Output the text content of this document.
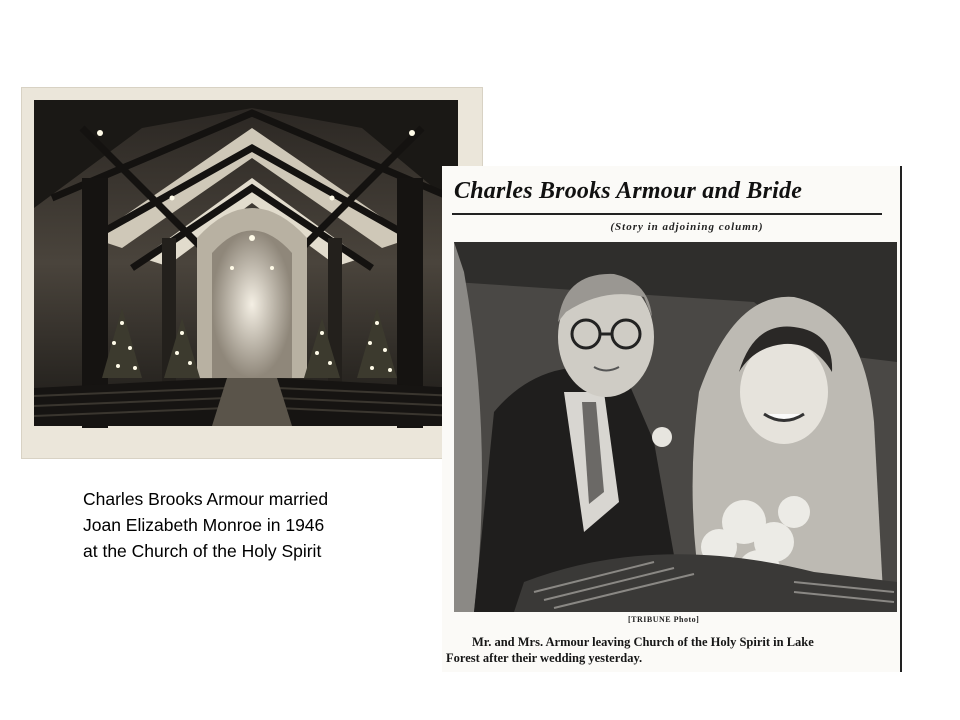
Charles Brooks Armour and Bride
(Story in adjoining column)
[TRIBUNE Photo]
Mr. and Mrs. Armour leaving Church of the Holy Spirit in Lake
Forest after their wedding yesterday.
Charles Brooks Armour married
Joan Elizabeth Monroe in 1946
at the Church of the Holy Spirit
